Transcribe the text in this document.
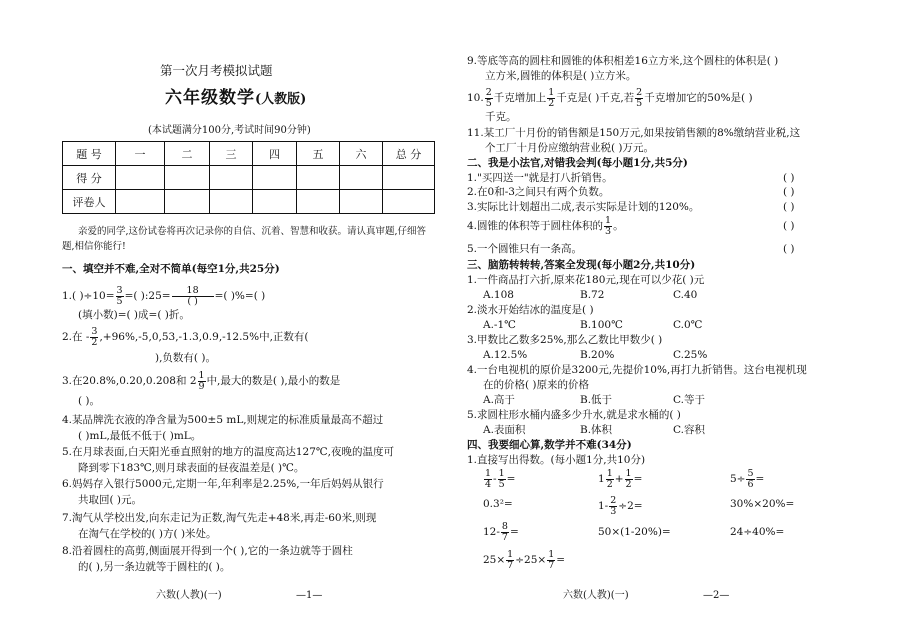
第一次月考模拟试题
六年级数学(人教版)
(本试题满分100分,考试时间90分钟)
题 号	一	二	三	四	五	六	总 分
得 分							
评卷人							
亲爱的同学,这份试卷将再次记录你的自信、沉着、智慧和收获。请认真审题,仔细答
题,相信你能行!
一、填空并不难,全对不简单(每空1分,共25分)
1.( )$\div 10= \frac{3}{5}$ =( ):25= $\frac{18}{( )}$ =( )%=( )
(填小数)=( )成=( )折。
2.在 - $\frac{3}{2} ,+96\%,-5,0,53,-1.3,0.9,-12.5\%$中,正数有(
),负数有( )。
3.在20.8%,0.20,0.208和 $2 \frac{1}{9}$ 中,最大的数是( ),最小的数是
( )。
4.某品牌洗衣液的净含量为500±5 mL,则规定的标准质量最高不超过
( )mL,最低不低于( )mL。
5.在月球表面,白天阳光垂直照射的地方的温度高达127℃,夜晚的温度可
降到零下183℃,则月球表面的昼夜温差是( )℃。
6.妈妈存入银行5000元,定期一年,年利率是2.25%,一年后妈妈从银行
共取回( )元。
7.淘气从学校出发,向东走记为正数,淘气先走+48米,再走-60米,则现
在淘气在学校的( )方( )米处。
8.沿着圆柱的高剪,侧面展开得到一个( ),它的一条边就等于圆柱
的( ),另一条边就等于圆柱的( )。
六数(人教)(一)	—1—
9.等底等高的圆柱和圆锥的体积相差16立方米,这个圆柱的体积是( )
立方米,圆锥的体积是( )立方米。
10. $\frac{2}{5}$ 千克增加上 $\frac{1}{2}$ 千克是( )千克,若 $\frac{2}{5}$ 千克增加它的50%是( )
千克。
11.某工厂十月份的销售额是150万元,如果按销售额的8%缴纳营业税,这
个工厂十月份应缴纳营业税( )万元。
二、我是小法官,对错我会判(每小题1分,共5分)
1."买四送一"就是打八折销售。	( )
2.在0和-3之间只有两个负数。	( )
3.实际比计划超出二成,表示实际是计划的120%。	( )
4.圆锥的体积等于圆柱体积的 $\frac{1}{3}$ 。	( )
5.一个圆锥只有一条高。	( )
三、脑筋转转转,答案全发现(每小题2分,共10分)
1.一件商品打六折,原来花180元,现在可以少花( )元
A.108	B.72	C.40
2.淡水开始结冰的温度是( )
A.-1℃	B.100℃	C.0℃
3.甲数比乙数多25%,那么乙数比甲数少( )
A.12.5%	B.20%	C.25%
4.一台电视机的原价是3200元,先提价10%,再打九折销售。这台电视机现
在的价格( )原来的价格
A.高于	B.低于	C.等于
5.求圆柱形水桶内盛多少升水,就是求水桶的( )
A.表面积	B.体积	C.容积
四、我要细心算,数学并不难(34分)
1.直接写出得数。(每小题1分,共10分)
$\frac{1}{4} - \frac{1}{5}$ =	$1 \frac{1}{2} + \frac{1}{2}$ =	$5\div \frac{5}{6}$ =
0.3²=	$1- \frac{2}{3} \div 2=$	30%×20%=
$12- \frac{8}{7}$ =	50×(1-20%)=	24÷40%=
$25\times \frac{1}{7} \div 25\times \frac{1}{7}$ =
六数(人教)(一)	—2—
